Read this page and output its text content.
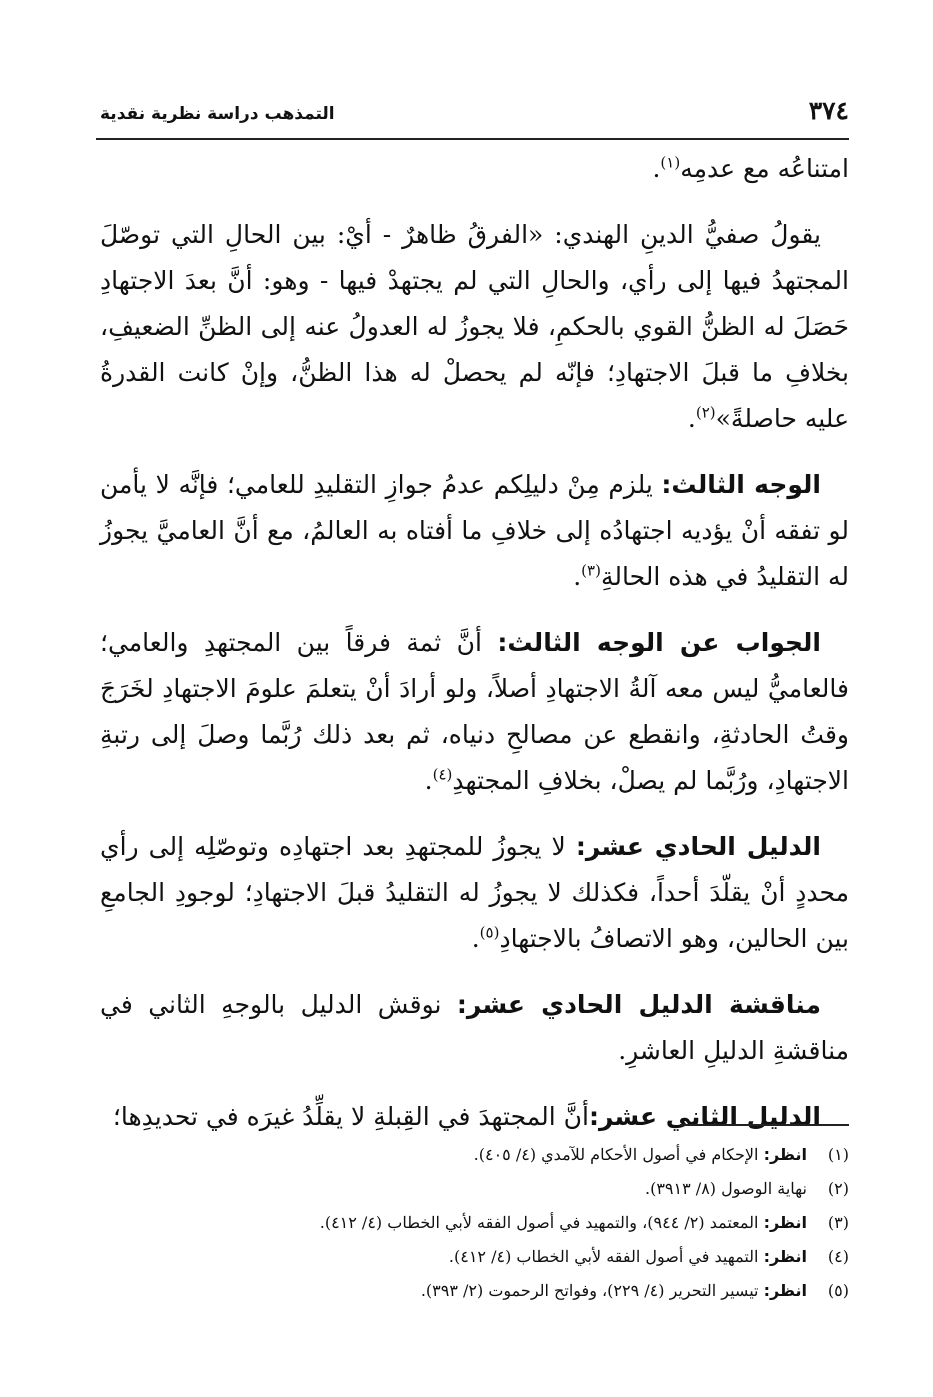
٣٧٤
التمذهب دراسة نظرية نقدية

امتناعُه مع عدمِه$^{(١)}$.

يقولُ صفيُّ الدينِ الهندي: «الفرقُ ظاهرٌ - أيْ: بين الحالِ التي توصّلَ المجتهدُ فيها إلى رأي، والحالِ التي لم يجتهدْ فيها - وهو: أنَّ بعدَ الاجتهادِ حَصَلَ له الظنُّ القوي بالحكمِ، فلا يجوزُ له العدولُ عنه إلى الظنِّ الضعيفِ، بخلافِ ما قبلَ الاجتهادِ؛ فإنّه لم يحصلْ له هذا الظنُّ، وإنْ كانت القدرةُ عليه حاصلةً»$^{(٢)}$.

الوجه الثالث: يلزم مِنْ دليلِكم عدمُ جوازِ التقليدِ للعامي؛ فإنَّه لا يأمن لو تفقه أنْ يؤديه اجتهادُه إلى خلافِ ما أفتاه به العالمُ، مع أنَّ العاميَّ يجوزُ له التقليدُ في هذه الحالةِ$^{(٣)}$.

الجواب عن الوجه الثالث: أنَّ ثمة فرقاً بين المجتهدِ والعامي؛ فالعاميُّ ليس معه آلةُ الاجتهادِ أصلاً، ولو أرادَ أنْ يتعلمَ علومَ الاجتهادِ لخَرَجَ وقتُ الحادثةِ، وانقطع عن مصالحِ دنياه، ثم بعد ذلك رُبَّما وصلَ إلى رتبةِ الاجتهادِ، ورُبَّما لم يصلْ، بخلافِ المجتهدِ$^{(٤)}$.

الدليل الحادي عشر: لا يجوزُ للمجتهدِ بعد اجتهادِه وتوصّلِه إلى رأي محددٍ أنْ يقلّدَ أحداً، فكذلك لا يجوزُ له التقليدُ قبلَ الاجتهادِ؛ لوجودِ الجامعِ بين الحالين، وهو الاتصافُ بالاجتهادِ$^{(٥)}$.

مناقشة الدليل الحادي عشر: نوقش الدليل بالوجهِ الثاني في مناقشةِ الدليلِ العاشرِ.

الدليل الثاني عشر:أنَّ المجتهدَ في القِبلةِ لا يقلِّدُ غيرَه في تحديدِها؛

(١)
انظر: الإحكام في أصول الأحكام للآمدي (٤/ ٤٠٥).
(٢)
نهاية الوصول (٨/ ٣٩١٣).
(٣)
انظر: المعتمد (٢/ ٩٤٤)، والتمهيد في أصول الفقه لأبي الخطاب (٤/ ٤١٢).
(٤)
انظر: التمهيد في أصول الفقه لأبي الخطاب (٤/ ٤١٢).
(٥)
انظر: تيسير التحرير (٤/ ٢٢٩)، وفواتح الرحموت (٢/ ٣٩٣).
